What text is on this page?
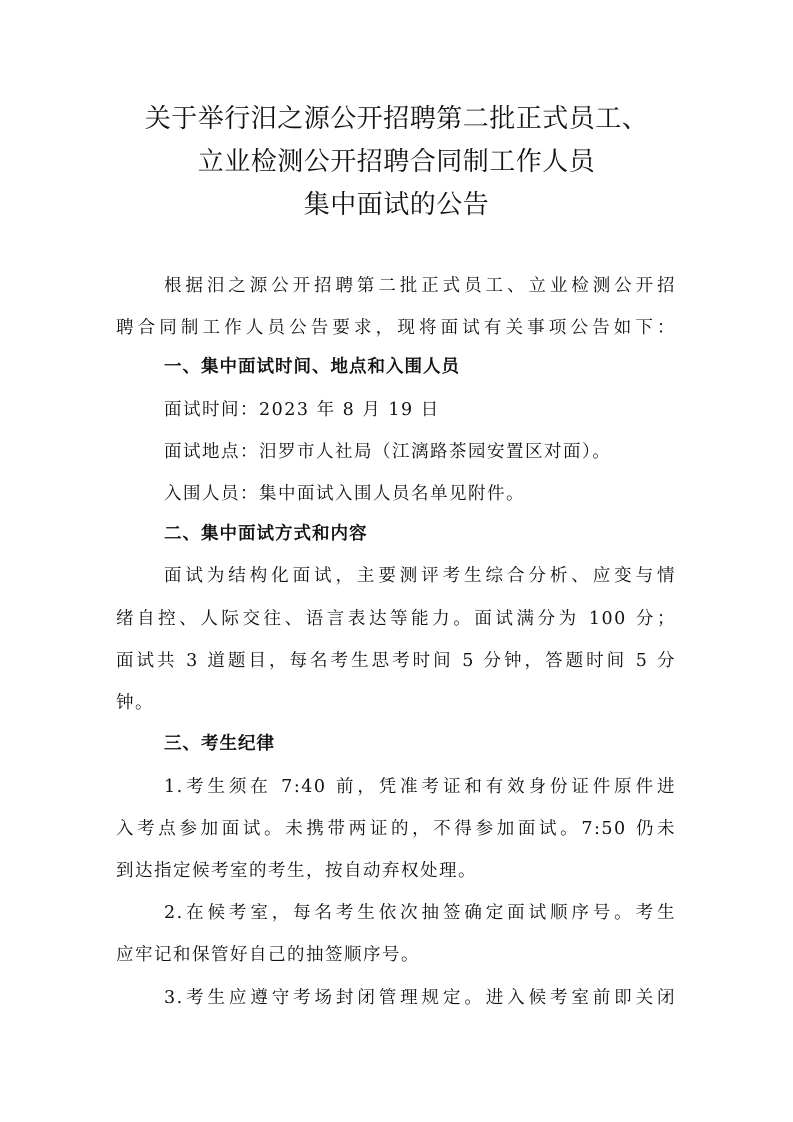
关于举行汨之源公开招聘第二批正式员工、
立业检测公开招聘合同制工作人员
集中面试的公告
根据汨之源公开招聘第二批正式员工、立业检测公开招
聘合同制工作人员公告要求，现将面试有关事项公告如下：
一、集中面试时间、地点和入围人员
面试时间：2023 年 8 月 19 日
面试地点：汨罗市人社局（江漓路茶园安置区对面）。
入围人员：集中面试入围人员名单见附件。
二、集中面试方式和内容
面试为结构化面试，主要测评考生综合分析、应变与情
绪自控、人际交往、语言表达等能力。面试满分为 100 分；
面试共 3 道题目，每名考生思考时间 5 分钟，答题时间 5 分
钟。
三、考生纪律
1.考生须在 7:40 前，凭准考证和有效身份证件原件进
入考点参加面试。未携带两证的，不得参加面试。7:50 仍未
到达指定候考室的考生，按自动弃权处理。
2.在候考室，每名考生依次抽签确定面试顺序号。考生
应牢记和保管好自己的抽签顺序号。
3.考生应遵守考场封闭管理规定。进入候考室前即关闭
